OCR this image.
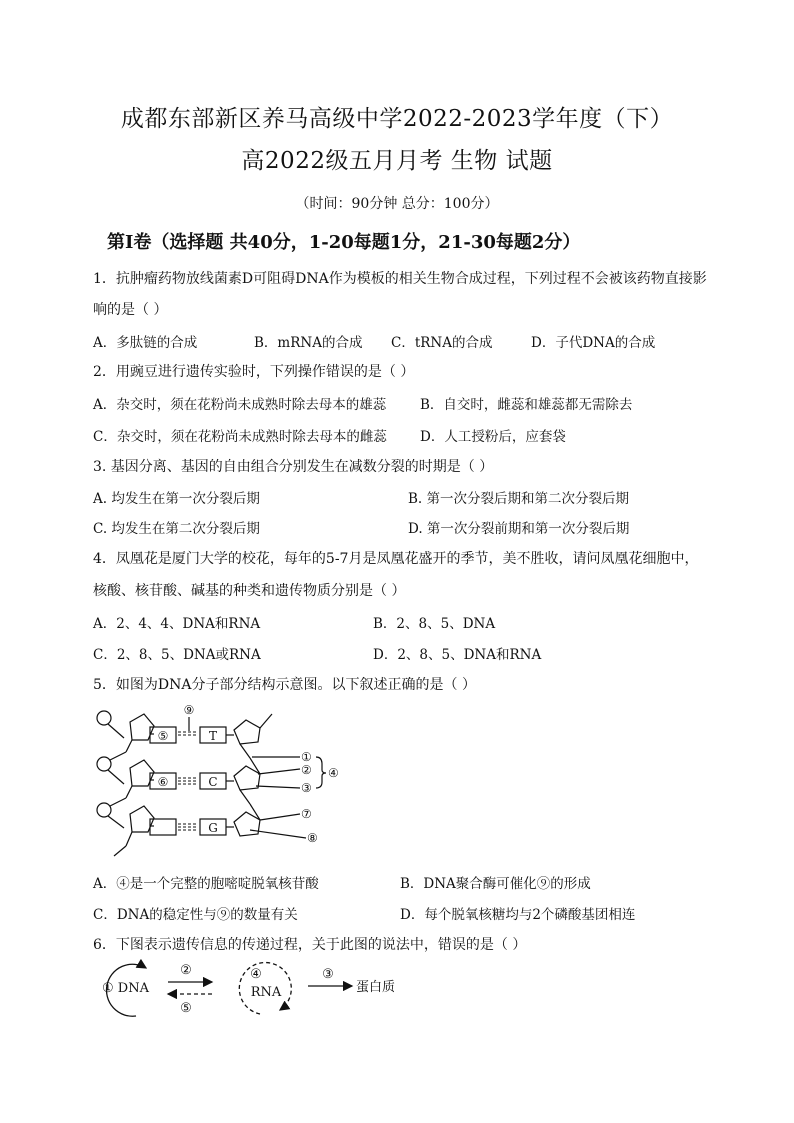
成都东部新区养马高级中学2022-2023学年度（下）
高2022级五月月考 生物 试题
（时间：90分钟 总分：100分）
第Ⅰ卷（选择题 共40分，1-20每题1分，21-30每题2分）
1．抗肿瘤药物放线菌素D可阻碍DNA作为模板的相关生物合成过程，下列过程不会被该药物直接影
响的是（ ）
A．多肽链的合成	B．mRNA的合成 C．tRNA的合成	D．子代DNA的合成
2．用豌豆进行遗传实验时，下列操作错误的是（ ）
A．杂交时，须在花粉尚未成熟时除去母本的雄蕊	B．自交时，雌蕊和雄蕊都无需除去
C．杂交时，须在花粉尚未成熟时除去母本的雌蕊 D．人工授粉后，应套袋
3. 基因分离、基因的自由组合分别发生在减数分裂的时期是（ ）
A. 均发生在第一次分裂后期	B. 第一次分裂后期和第二次分裂后期
C. 均发生在第二次分裂后期	D. 第一次分裂前期和第一次分裂后期
4．凤凰花是厦门大学的校花，每年的5-7月是凤凰花盛开的季节，美不胜收，请问凤凰花细胞中，
核酸、核苷酸、碱基的种类和遗传物质分别是（ ）
A．2、4、4、DNA和RNA	B．2、8、5、DNA
C．2、8、5、DNA或RNA	D．2、8、5、DNA和RNA
5．如图为DNA分子部分结构示意图。以下叙述正确的是（ ）
⑤
⑥
⑨
T
C
G
①
②
③
④
⑦
⑧
A．④是一个完整的胞嘧啶脱氧核苷酸	B．DNA聚合酶可催化⑨的形成
C．DNA的稳定性与⑨的数量有关	D．每个脱氧核糖均与2个磷酸基团相连
6．下图表示遗传信息的传递过程，关于此图的说法中，错误的是（ ）
① DNA
②
⑤
④
RNA
③
蛋白质
